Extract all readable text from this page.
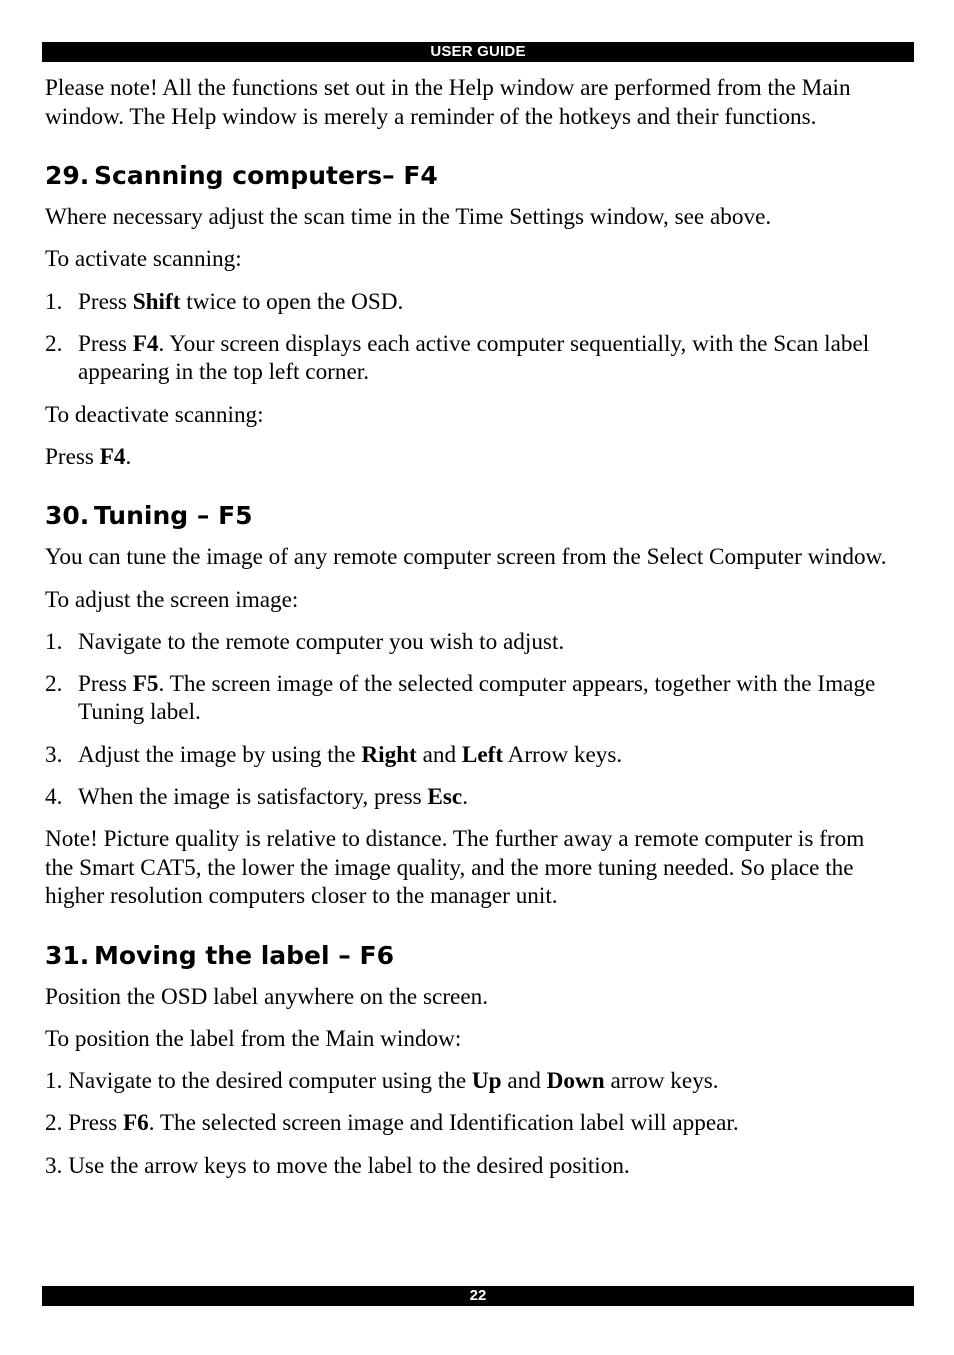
USER GUIDE

Please note! All the functions set out in the Help window are performed from the Main window. The Help window is merely a reminder of the hotkeys and their functions.

29. Scanning computers– F4

Where necessary adjust the scan time in the Time Settings window, see above.

To activate scanning:

1. Press Shift twice to open the OSD.
2. Press F4. Your screen displays each active computer sequentially, with the Scan label appearing in the top left corner.

To deactivate scanning:

Press F4.

30. Tuning – F5

You can tune the image of any remote computer screen from the Select Computer window.

To adjust the screen image:

1. Navigate to the remote computer you wish to adjust.
2. Press F5. The screen image of the selected computer appears, together with the Image Tuning label.
3. Adjust the image by using the Right and Left Arrow keys.
4. When the image is satisfactory, press Esc.

Note! Picture quality is relative to distance. The further away a remote computer is from the Smart CAT5, the lower the image quality, and the more tuning needed. So place the higher resolution computers closer to the manager unit.

31. Moving the label – F6

Position the OSD label anywhere on the screen.

To position the label from the Main window:

1. Navigate to the desired computer using the Up and Down arrow keys.

2. Press F6. The selected screen image and Identification label will appear.

3. Use the arrow keys to move the label to the desired position.

22
